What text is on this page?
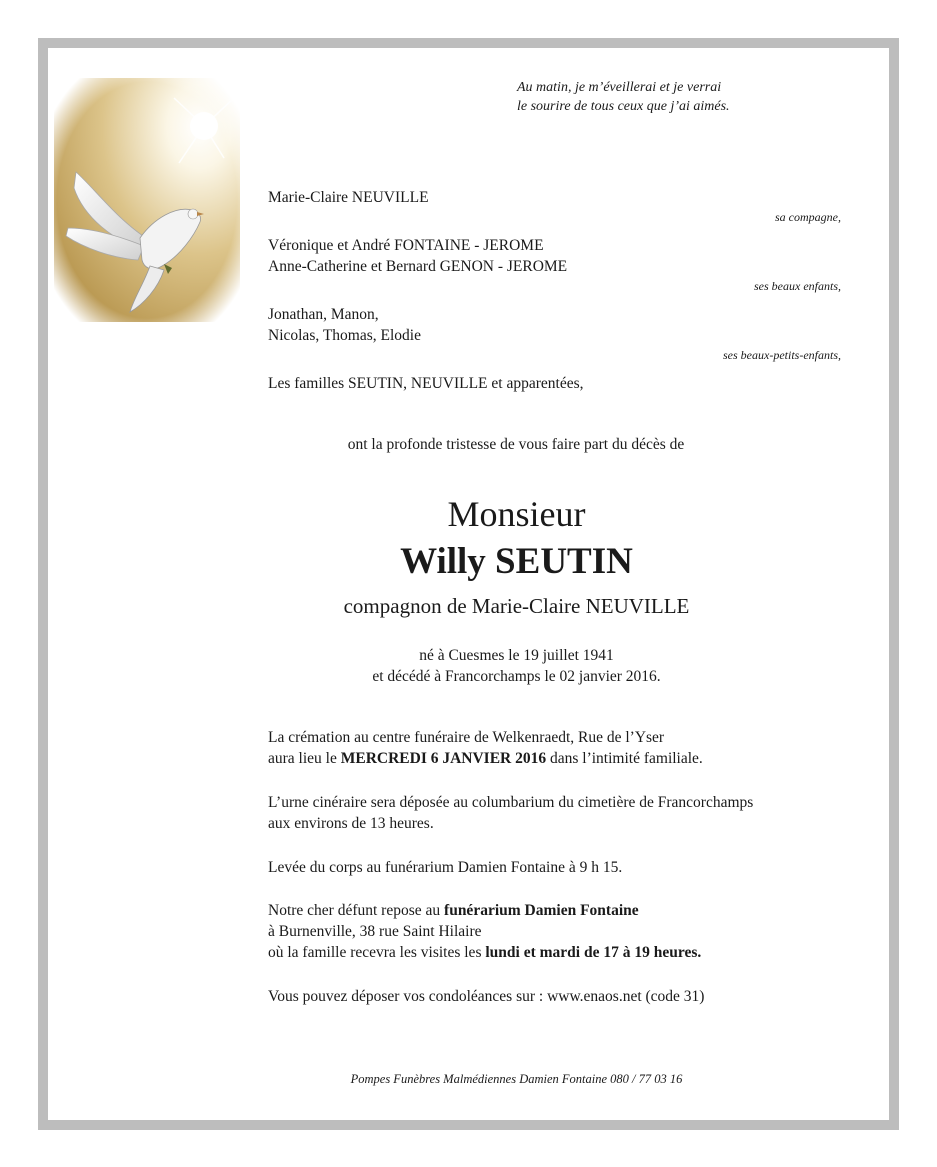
Au matin, je m’éveillerai et je verrai
le sourire de tous ceux que j’ai aimés.
Marie-Claire NEUVILLE
sa compagne,
Véronique et André FONTAINE - JEROME
Anne-Catherine et Bernard GENON - JEROME
ses beaux enfants,
Jonathan, Manon,
Nicolas, Thomas, Elodie
ses beaux-petits-enfants,
Les familles SEUTIN, NEUVILLE et apparentées,
ont la profonde tristesse de vous faire part du décès de
Monsieur
Willy SEUTIN
compagnon de Marie-Claire NEUVILLE
né à Cuesmes le 19 juillet 1941
et décédé à Francorchamps le 02 janvier 2016.
La crémation au centre funéraire de Welkenraedt, Rue de l’Yser
aura lieu le MERCREDI 6 JANVIER 2016 dans l’intimité familiale.
L’urne cinéraire sera déposée au columbarium du cimetière de Francorchamps
aux environs de 13 heures.
Levée du corps au funérarium Damien Fontaine à 9 h 15.
Notre cher défunt repose au funérarium Damien Fontaine
à Burnenville, 38 rue Saint Hilaire
où la famille recevra les visites les lundi et mardi de 17 à 19 heures.
Vous pouvez déposer vos condoléances sur : www.enaos.net (code 31)
Pompes Funèbres Malmédiennes Damien Fontaine 080 / 77 03 16
